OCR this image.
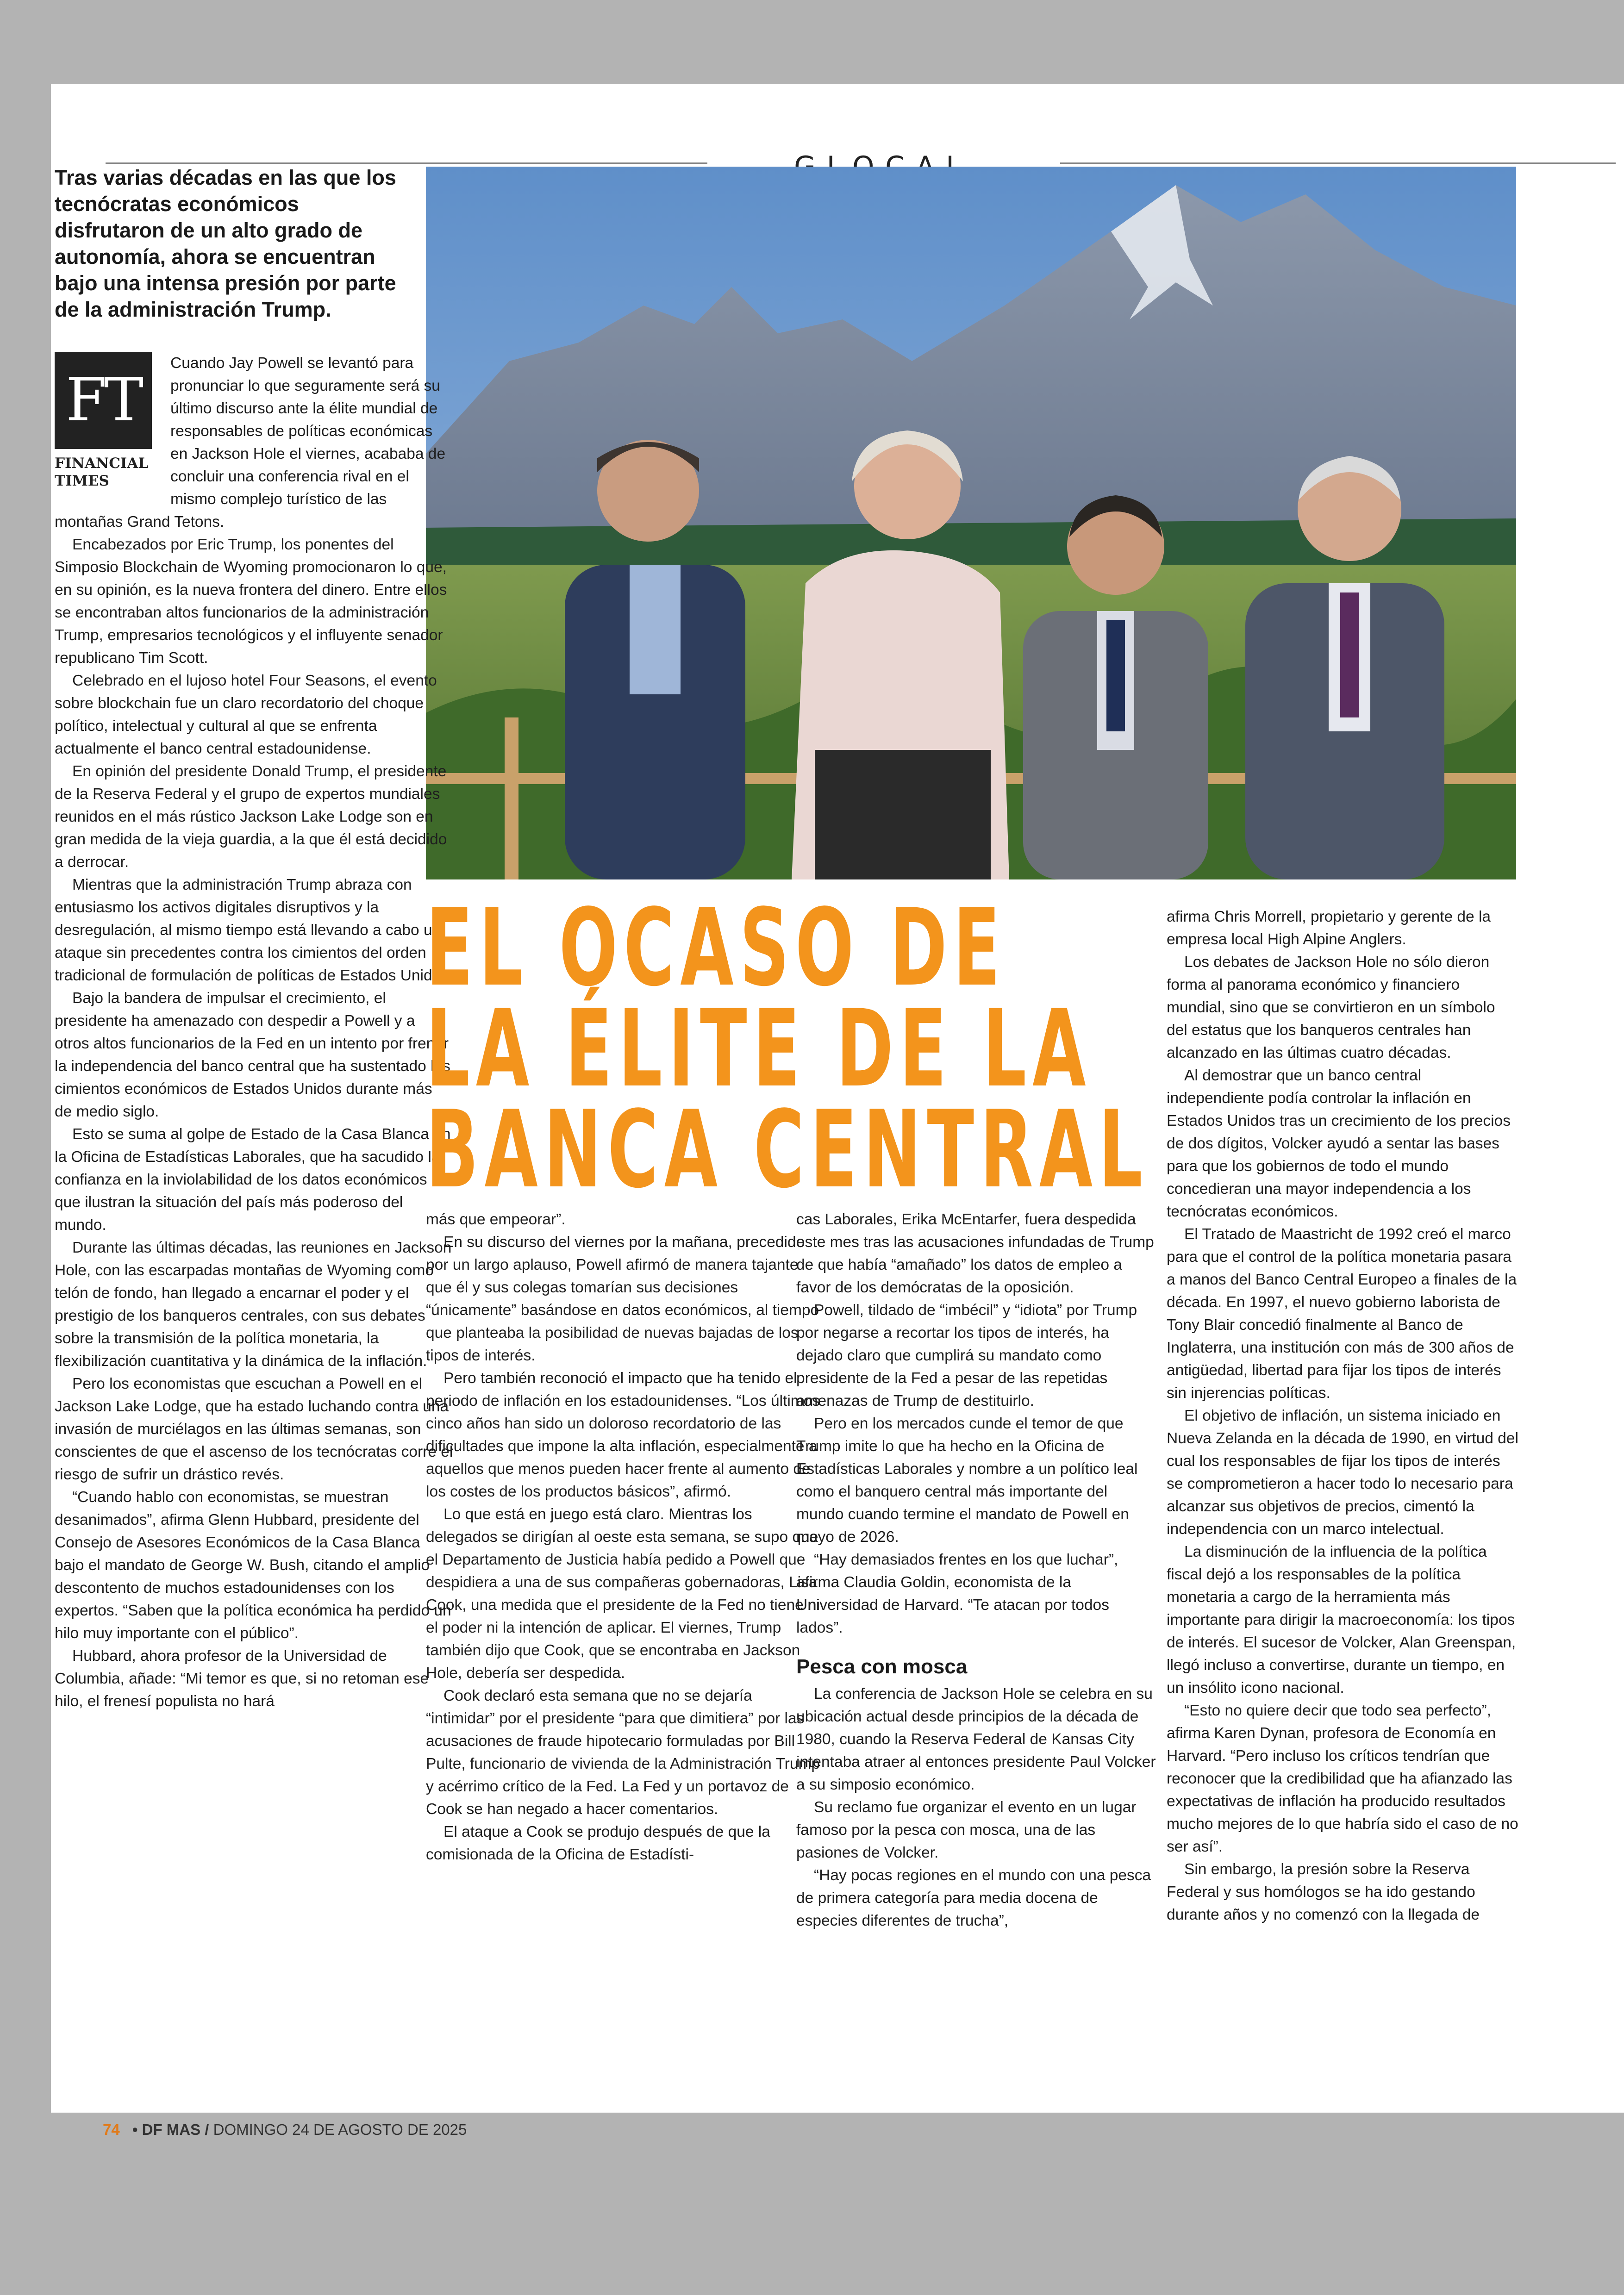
Tras varias décadas en las que los tecnócratas económicos disfrutaron de un alto grado de autonomía, ahora se encuentran bajo una intensa presión por parte de la administración Trump.
FT
FINANCIAL
TIMES

Cuando Jay Powell se levantó para pronunciar lo que seguramente será su último discurso ante la élite mundial de responsables de políticas económicas en Jackson Hole el viernes, acababa de concluir una conferencia rival en el mismo complejo turístico de las montañas Grand Tetons.

Encabezados por Eric Trump, los ponentes del Simposio Blockchain de Wyoming promocionaron lo que, en su opinión, es la nueva frontera del dinero. Entre ellos se encontraban altos funcionarios de la administración Trump, empresarios tecnológicos y el influyente senador republicano Tim Scott.

Celebrado en el lujoso hotel Four Seasons, el evento sobre blockchain fue un claro recordatorio del choque político, intelectual y cultural al que se enfrenta actualmente el banco central estadounidense.

En opinión del presidente Donald Trump, el presidente de la Reserva Federal y el grupo de expertos mundiales reunidos en el más rústico Jackson Lake Lodge son en gran medida de la vieja guardia, a la que él está decidido a derrocar.

Mientras que la administración Trump abraza con entusiasmo los activos digitales disruptivos y la desregulación, al mismo tiempo está llevando a cabo un ataque sin precedentes contra los cimientos del orden tradicional de formulación de políticas de Estados Unidos.

Bajo la bandera de impulsar el crecimiento, el presidente ha amenazado con despedir a Powell y a otros altos funcionarios de la Fed en un intento por frenar la independencia del banco central que ha sustentado los cimientos económicos de Estados Unidos durante más de medio siglo.

Esto se suma al golpe de Estado de la Casa Blanca en la Oficina de Estadísticas Laborales, que ha sacudido la confianza en la inviolabilidad de los datos económicos que ilustran la situación del país más poderoso del mundo.

Durante las últimas décadas, las reuniones en Jackson Hole, con las escarpadas montañas de Wyoming como telón de fondo, han llegado a encarnar el poder y el prestigio de los banqueros centrales, con sus debates sobre la transmisión de la política monetaria, la flexibilización cuantitativa y la dinámica de la inflación.

Pero los economistas que escuchan a Powell en el Jackson Lake Lodge, que ha estado luchando contra una invasión de murciélagos en las últimas semanas, son conscientes de que el ascenso de los tecnócratas corre el riesgo de sufrir un drástico revés.

“Cuando hablo con economistas, se muestran desanimados”, afirma Glenn Hubbard, presidente del Consejo de Asesores Económicos de la Casa Blanca bajo el mandato de George W. Bush, citando el amplio descontento de muchos estadounidenses con los expertos. “Saben que la política económica ha perdido un hilo muy importante con el público”.

Hubbard, ahora profesor de la Universidad de Columbia, añade: “Mi temor es que, si no retoman ese hilo, el frenesí populista no hará

EL OCASO DE
LA ÉLITE DE LA
BANCA CENTRAL

más que empeorar”.

En su discurso del viernes por la mañana, precedido por un largo aplauso, Powell afirmó de manera tajante que él y sus colegas tomarían sus decisiones “únicamente” basándose en datos económicos, al tiempo que planteaba la posibilidad de nuevas bajadas de los tipos de interés.

Pero también reconoció el impacto que ha tenido el periodo de inflación en los estadounidenses. “Los últimos cinco años han sido un doloroso recordatorio de las dificultades que impone la alta inflación, especialmente a aquellos que menos pueden hacer frente al aumento de los costes de los productos básicos”, afirmó.

Lo que está en juego está claro. Mientras los delegados se dirigían al oeste esta semana, se supo que el Departamento de Justicia había pedido a Powell que despidiera a una de sus compañeras gobernadoras, Lisa Cook, una medida que el presidente de la Fed no tiene ni el poder ni la intención de aplicar. El viernes, Trump también dijo que Cook, que se encontraba en Jackson Hole, debería ser despedida.

Cook declaró esta semana que no se dejaría “intimidar” por el presidente “para que dimitiera” por las acusaciones de fraude hipotecario formuladas por Bill Pulte, funcionario de vivienda de la Administración Trump y acérrimo crítico de la Fed. La Fed y un portavoz de Cook se han negado a hacer comentarios.

El ataque a Cook se produjo después de que la comisionada de la Oficina de Estadísti-

cas Laborales, Erika McEntarfer, fuera despedida este mes tras las acusaciones infundadas de Trump de que había “amañado” los datos de empleo a favor de los demócratas de la oposición.

Powell, tildado de “imbécil” y “idiota” por Trump por negarse a recortar los tipos de interés, ha dejado claro que cumplirá su mandato como presidente de la Fed a pesar de las repetidas amenazas de Trump de destituirlo.

Pero en los mercados cunde el temor de que Trump imite lo que ha hecho en la Oficina de Estadísticas Laborales y nombre a un político leal como el banquero central más importante del mundo cuando termine el mandato de Powell en mayo de 2026.

“Hay demasiados frentes en los que luchar”, afirma Claudia Goldin, economista de la Universidad de Harvard. “Te atacan por todos lados”.

Pesca con mosca

La conferencia de Jackson Hole se celebra en su ubicación actual desde principios de la década de 1980, cuando la Reserva Federal de Kansas City intentaba atraer al entonces presidente Paul Volcker a su simposio económico.

Su reclamo fue organizar el evento en un lugar famoso por la pesca con mosca, una de las pasiones de Volcker.

“Hay pocas regiones en el mundo con una pesca de primera categoría para media docena de especies diferentes de trucha”,

afirma Chris Morrell, propietario y gerente de la empresa local High Alpine Anglers.

Los debates de Jackson Hole no sólo dieron forma al panorama económico y financiero mundial, sino que se convirtieron en un símbolo del estatus que los banqueros centrales han alcanzado en las últimas cuatro décadas.

Al demostrar que un banco central independiente podía controlar la inflación en Estados Unidos tras un crecimiento de los precios de dos dígitos, Volcker ayudó a sentar las bases para que los gobiernos de todo el mundo concedieran una mayor independencia a los tecnócratas económicos.

El Tratado de Maastricht de 1992 creó el marco para que el control de la política monetaria pasara a manos del Banco Central Europeo a finales de la década. En 1997, el nuevo gobierno laborista de Tony Blair concedió finalmente al Banco de Inglaterra, una institución con más de 300 años de antigüedad, libertad para fijar los tipos de interés sin injerencias políticas.

El objetivo de inflación, un sistema iniciado en Nueva Zelanda en la década de 1990, en virtud del cual los responsables de fijar los tipos de interés se comprometieron a hacer todo lo necesario para alcanzar sus objetivos de precios, cimentó la independencia con un marco intelectual.

La disminución de la influencia de la política fiscal dejó a los responsables de la política monetaria a cargo de la herramienta más importante para dirigir la macroeconomía: los tipos de interés. El sucesor de Volcker, Alan Greenspan, llegó incluso a convertirse, durante un tiempo, en un insólito icono nacional.

“Esto no quiere decir que todo sea perfecto”, afirma Karen Dynan, profesora de Economía en Harvard. “Pero incluso los críticos tendrían que reconocer que la credibilidad que ha afianzado las expectativas de inflación ha producido resultados mucho mejores de lo que habría sido el caso de no ser así”.

Sin embargo, la presión sobre la Reserva Federal y sus homólogos se ha ido gestando durante años y no comenzó con la llegada de

74 • DF MAS / DOMINGO 24 DE AGOSTO DE 2025
